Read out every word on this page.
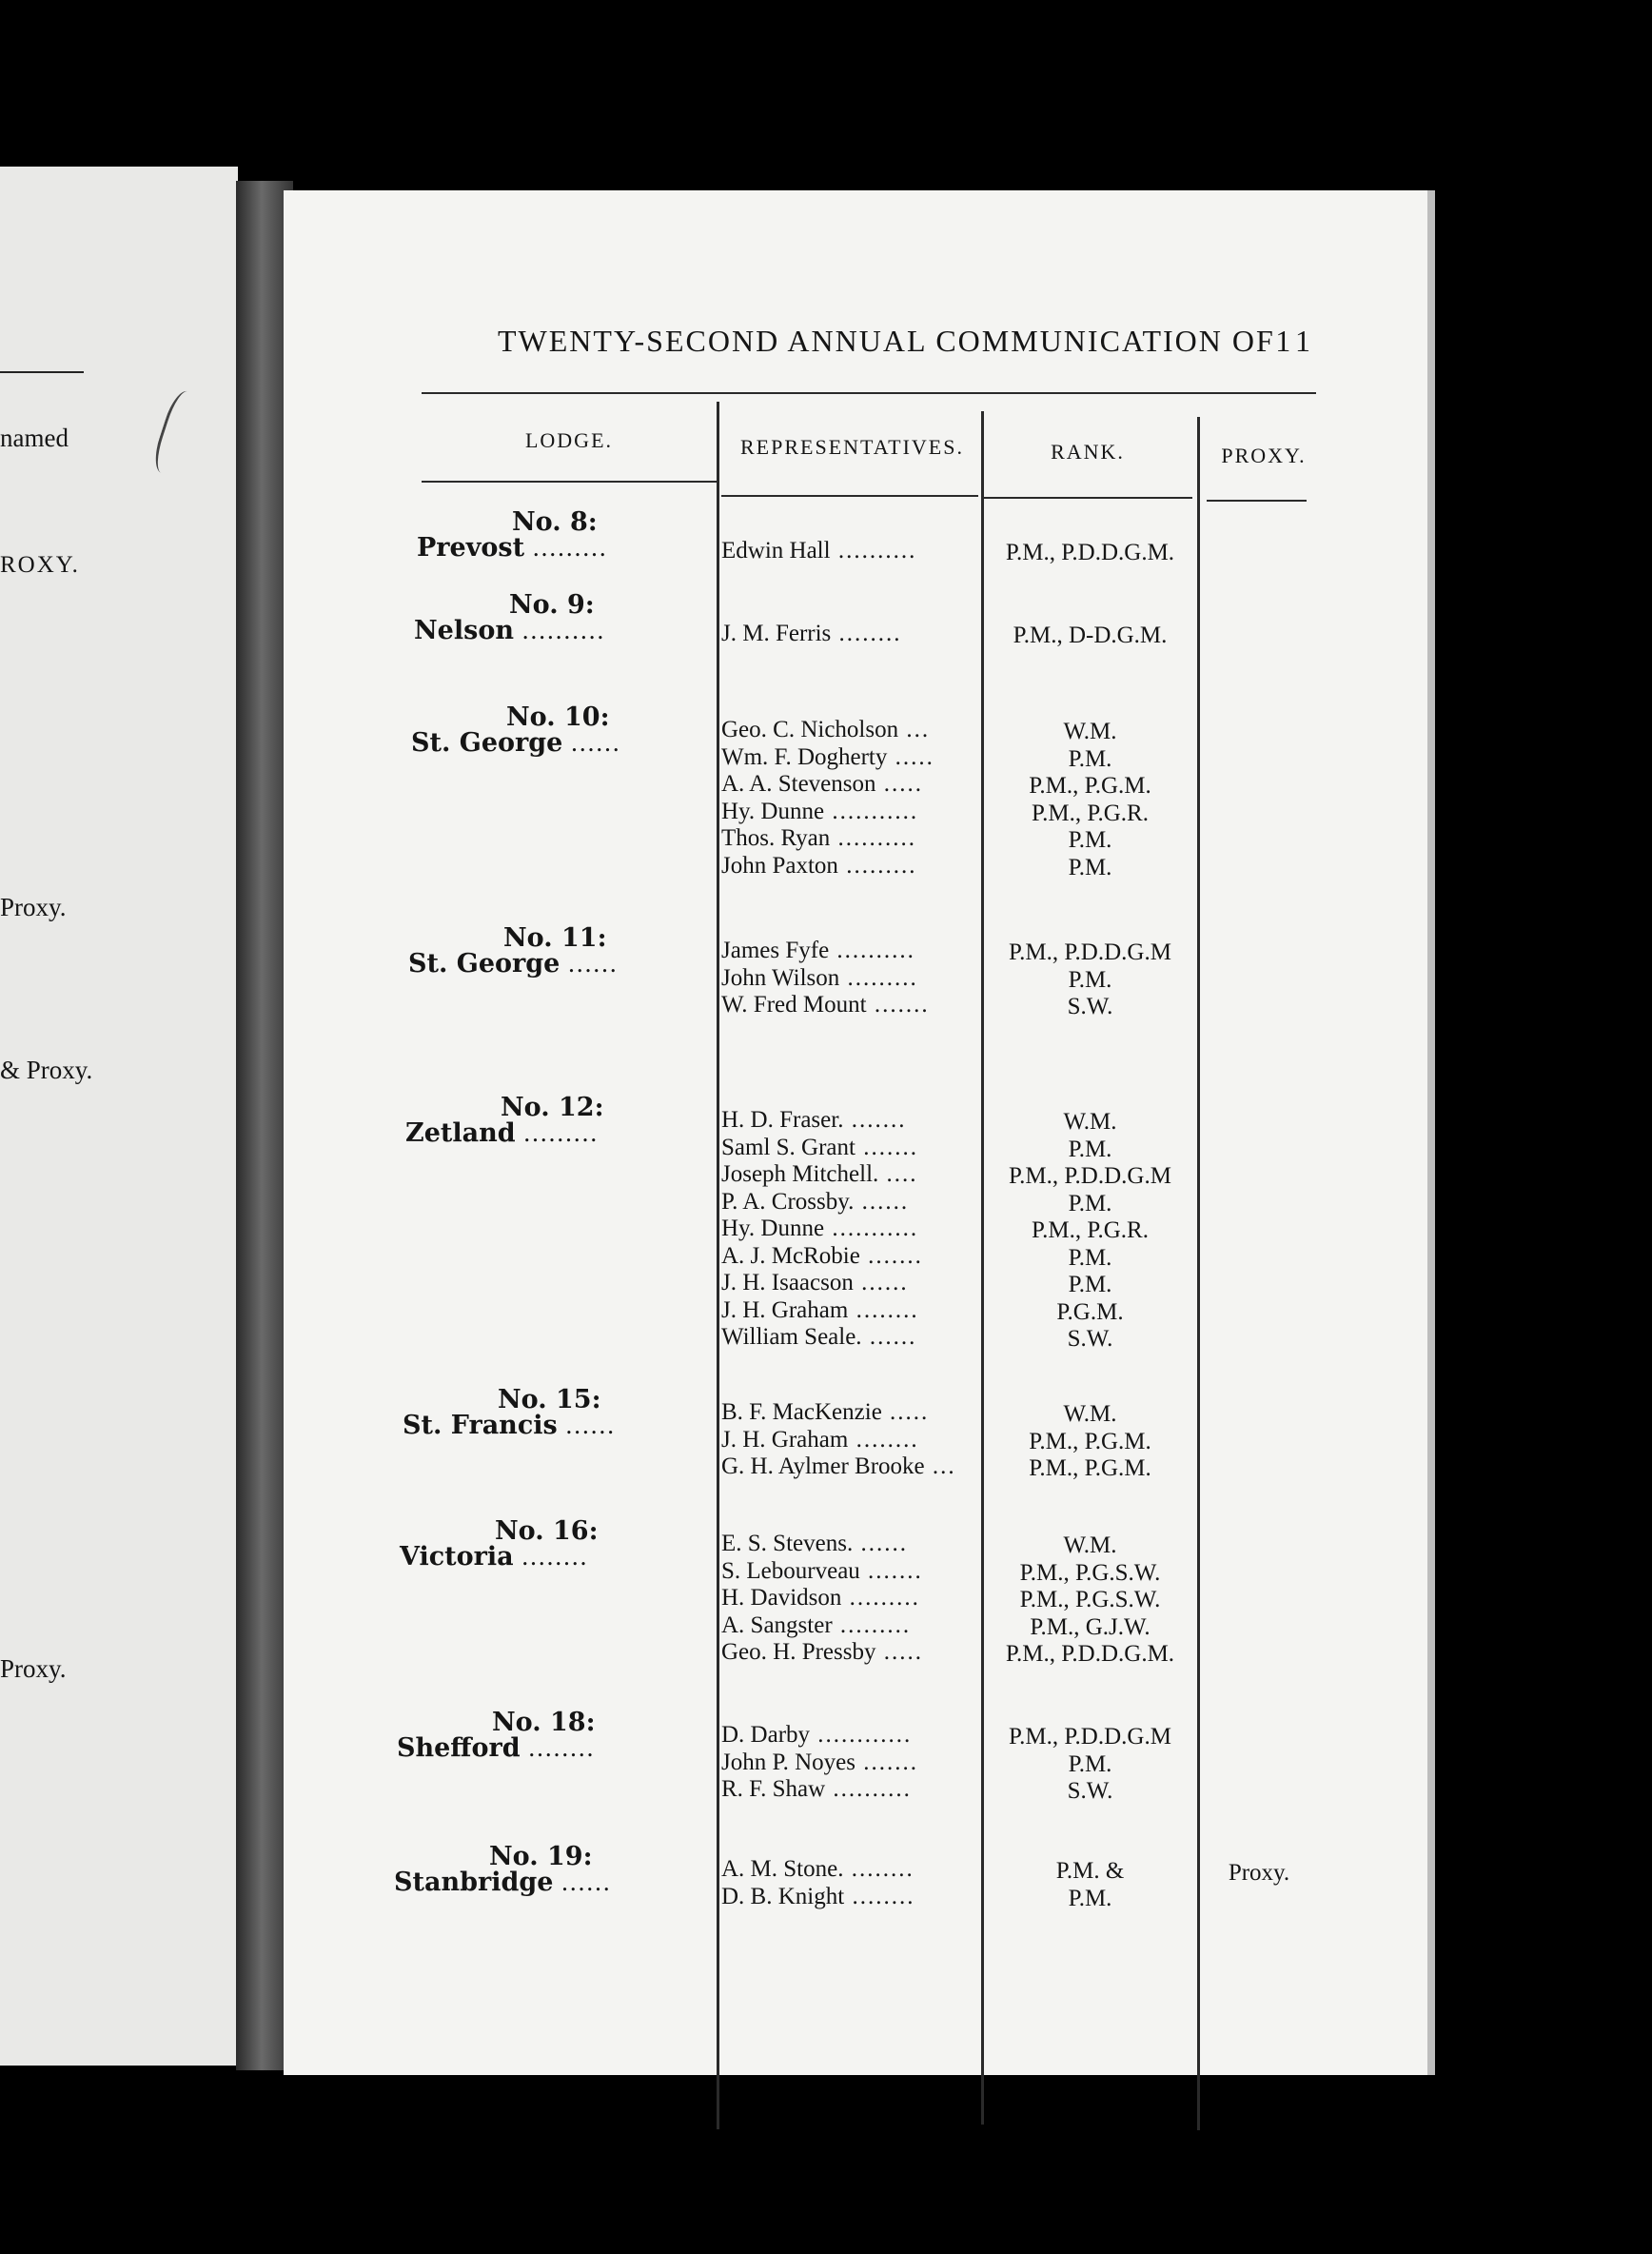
named
ROXY.
Proxy.
& Proxy.
Proxy.
TWENTY-SECOND ANNUAL COMMUNICATION OF 11
LODGE.	REPRESENTATIVES.	RANK.	PROXY.
No. 8:
Prevost .........	Edwin Hall ..........	P.M., P.D.D.G.M.
No. 9:
Nelson ..........	J. M. Ferris ........	P.M., D-D.G.M.
No. 10:
St. George ......	Geo. C. Nicholson ...	W.M.
Wm. F. Dogherty .....	P.M.
A. A. Stevenson .....	P.M., P.G.M.
Hy. Dunne ...........	P.M., P.G.R.
Thos. Ryan ..........	P.M.
John Paxton .........	P.M.
No. 11:
St. George ......	James Fyfe ..........	P.M., P.D.D.G.M
John Wilson .........	P.M.
W. Fred Mount .......	S.W.
No. 12:
Zetland .........	H. D. Fraser. .......	W.M.
Saml S. Grant .......	P.M.
Joseph Mitchell. ....	P.M., P.D.D.G.M
P. A. Crossby. ......	P.M.
Hy. Dunne ...........	P.M., P.G.R.
A. J. McRobie .......	P.M.
J. H. Isaacson ......	P.M.
J. H. Graham ........	P.G.M.
William Seale. ......	S.W.
No. 15:
St. Francis ......	B. F. MacKenzie .....	W.M.
J. H. Graham ........	P.M., P.G.M.
G. H. Aylmer Brooke ...	P.M., P.G.M.
No. 16:
Victoria ........	E. S. Stevens. ......	W.M.
S. Lebourveau .......	P.M., P.G.S.W.
H. Davidson .........	P.M., P.G.S.W.
A. Sangster .........	P.M., G.J.W.
Geo. H. Pressby .....	P.M., P.D.D.G.M.
No. 18:
Shefford ........	D. Darby ............	P.M., P.D.D.G.M
John P. Noyes .......	P.M.
R. F. Shaw ..........	S.W.
No. 19:
Stanbridge ......	A. M. Stone. ........	P.M. &	Proxy.
D. B. Knight ........	P.M.
